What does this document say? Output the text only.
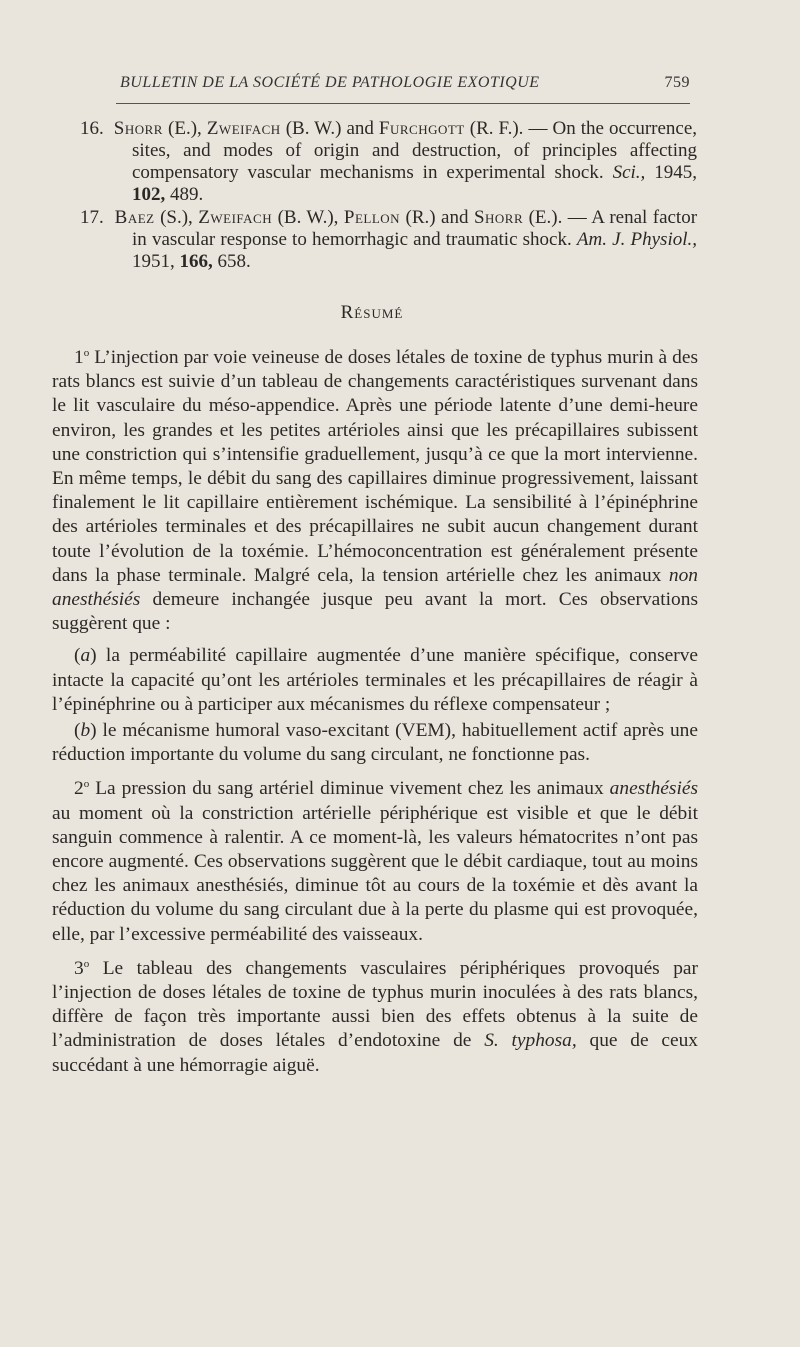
BULLETIN DE LA SOCIÉTÉ DE PATHOLOGIE EXOTIQUE	759
16. Shorr (E.), Zweifach (B. W.) and Furchgott (R. F.). — On the occurrence, sites, and modes of origin and destruction, of principles affecting compensatory vascular mechanisms in experimental shock. Sci., 1945, 102, 489.
17. Baez (S.), Zweifach (B. W.), Pellon (R.) and Shorr (E.). — A renal factor in vascular response to hemorrhagic and traumatic shock. Am. J. Physiol., 1951, 166, 658.
Résumé

1$^o$ L’injection par voie veineuse de doses létales de toxine de typhus murin à des rats blancs est suivie d’un tableau de changements caractéristiques survenant dans le lit vasculaire du méso-appendice. Après une période latente d’une demi-heure environ, les grandes et les petites artérioles ainsi que les précapillaires subissent une constriction qui s’intensifie graduellement, jusqu’à ce que la mort intervienne. En même temps, le débit du sang des capillaires diminue progressivement, laissant finalement le lit capillaire entièrement ischémique. La sensibilité à l’épinéphrine des artérioles terminales et des précapillaires ne subit aucun changement durant toute l’évolution de la toxémie. L’hémoconcentration est généralement présente dans la phase terminale. Malgré cela, la tension artérielle chez les animaux non anesthésiés demeure inchangée jusque peu avant la mort. Ces observations suggèrent que :

(a) la perméabilité capillaire augmentée d’une manière spécifique, conserve intacte la capacité qu’ont les artérioles terminales et les précapillaires de réagir à l’épinéphrine ou à participer aux mécanismes du réflexe compensateur ;

(b) le mécanisme humoral vaso-excitant (VEM), habituellement actif après une réduction importante du volume du sang circulant, ne fonctionne pas.

2$^o$ La pression du sang artériel diminue vivement chez les animaux anesthésiés au moment où la constriction artérielle périphérique est visible et que le débit sanguin commence à ralentir. A ce moment-là, les valeurs hématocrites n’ont pas encore augmenté. Ces observations suggèrent que le débit cardiaque, tout au moins chez les animaux anesthésiés, diminue tôt au cours de la toxémie et dès avant la réduction du volume du sang circulant due à la perte du plasme qui est provoquée, elle, par l’excessive perméabilité des vaisseaux.

3$^o$ Le tableau des changements vasculaires périphériques provoqués par l’injection de doses létales de toxine de typhus murin inoculées à des rats blancs, diffère de façon très importante aussi bien des effets obtenus à la suite de l’administration de doses létales d’endotoxine de S. typhosa, que de ceux succédant à une hémorragie aiguë.
